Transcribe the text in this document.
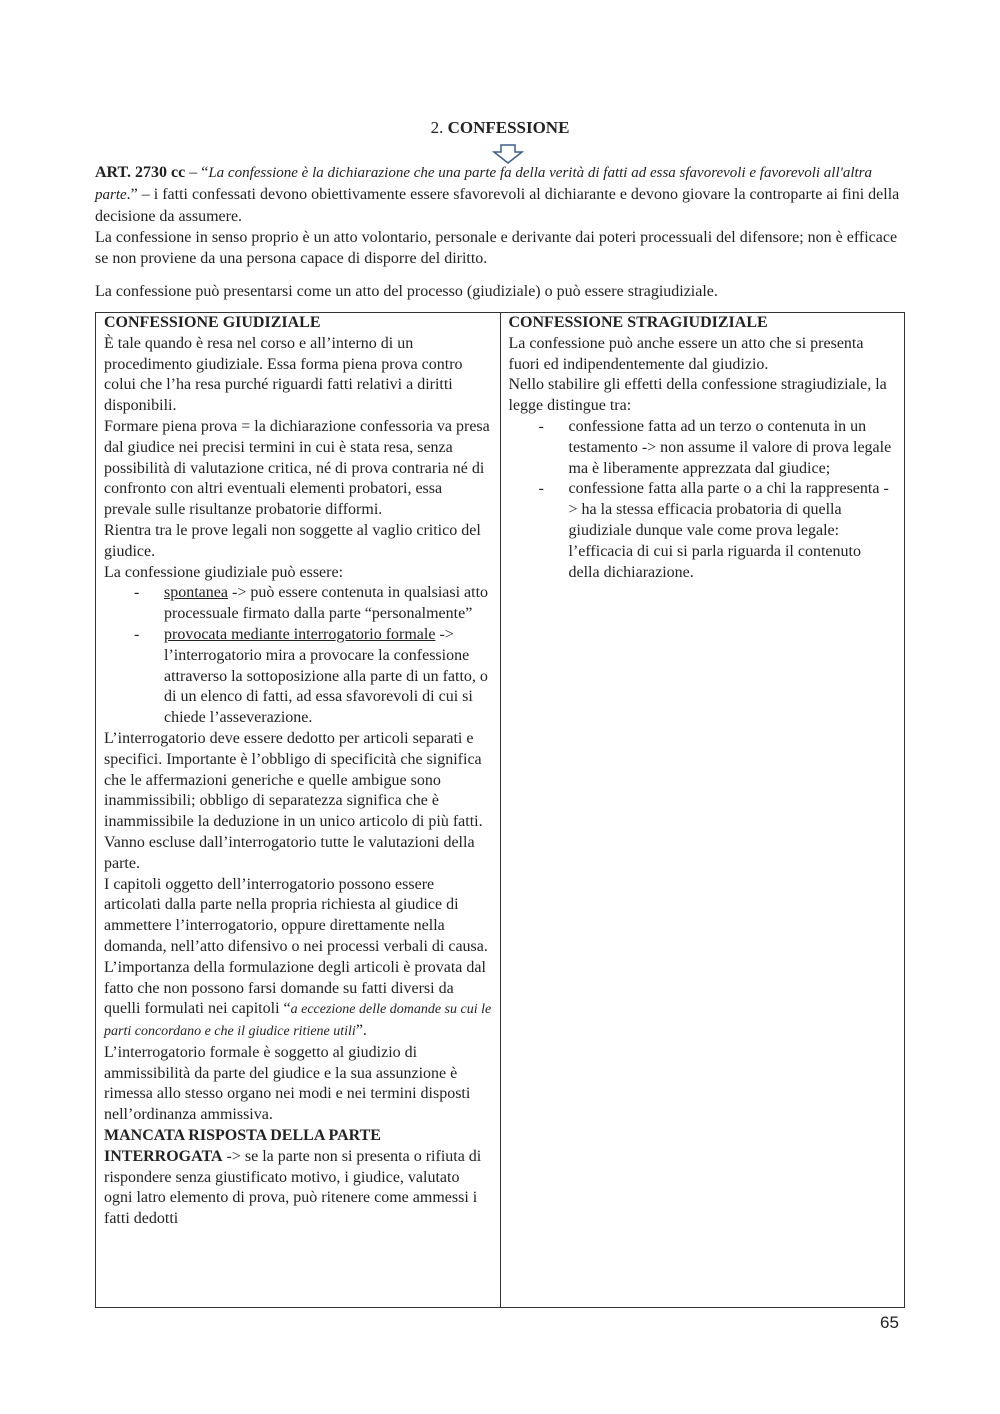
2. CONFESSIONE

ART. 2730 cc – “La confessione è la dichiarazione che una parte fa della verità di fatti ad essa sfavorevoli e favorevoli all'altra parte.” – i fatti confessati devono obiettivamente essere sfavorevoli al dichiarante e devono giovare la controparte ai fini della decisione da assumere.

La confessione in senso proprio è un atto volontario, personale e derivante dai poteri processuali del difensore; non è efficace se non proviene da una persona capace di disporre del diritto.

La confessione può presentarsi come un atto del processo (giudiziale) o può essere stragiudiziale.

CONFESSIONE GIUDIZIALE

È tale quando è resa nel corso e all’interno di un procedimento giudiziale. Essa forma piena prova contro colui che l’ha resa purché riguardi fatti relativi a diritti disponibili.

Formare piena prova = la dichiarazione confessoria va presa dal giudice nei precisi termini in cui è stata resa, senza possibilità di valutazione critica, né di prova contraria né di confronto con altri eventuali elementi probatori, essa prevale sulle risultanze probatorie difformi.

Rientra tra le prove legali non soggette al vaglio critico del giudice.

La confessione giudiziale può essere:

- spontanea -> può essere contenuta in qualsiasi atto processuale firmato dalla parte “personalmente”
- provocata mediante interrogatorio formale -> l’interrogatorio mira a provocare la confessione attraverso la sottoposizione alla parte di un fatto, o di un elenco di fatti, ad essa sfavorevoli di cui si chiede l’asseverazione.

L’interrogatorio deve essere dedotto per articoli separati e specifici. Importante è l’obbligo di specificità che significa che le affermazioni generiche e quelle ambigue sono inammissibili; obbligo di separatezza significa che è inammissibile la deduzione in un unico articolo di più fatti. Vanno escluse dall’interrogatorio tutte le valutazioni della parte.

I capitoli oggetto dell’interrogatorio possono essere articolati dalla parte nella propria richiesta al giudice di ammettere l’interrogatorio, oppure direttamente nella domanda, nell’atto difensivo o nei processi verbali di causa. L’importanza della formulazione degli articoli è provata dal fatto che non possono farsi domande su fatti diversi da quelli formulati nei capitoli “a eccezione delle domande su cui le parti concordano e che il giudice ritiene utili”.

L’interrogatorio formale è soggetto al giudizio di ammissibilità da parte del giudice e la sua assunzione è rimessa allo stesso organo nei modi e nei termini disposti nell’ordinanza ammissiva.

MANCATA RISPOSTA DELLA PARTE INTERROGATA -> se la parte non si presenta o rifiuta di rispondere senza giustificato motivo, i giudice, valutato ogni latro elemento di prova, può ritenere come ammessi i fatti dedotti

CONFESSIONE STRAGIUDIZIALE

La confessione può anche essere un atto che si presenta fuori ed indipendentemente dal giudizio.

Nello stabilire gli effetti della confessione stragiudiziale, la legge distingue tra:

- confessione fatta ad un terzo o contenuta in un testamento -> non assume il valore di prova legale ma è liberamente apprezzata dal giudice;
- confessione fatta alla parte o a chi la rappresenta -> ha la stessa efficacia probatoria di quella giudiziale dunque vale come prova legale: l’efficacia di cui si parla riguarda il contenuto della dichiarazione.
65
